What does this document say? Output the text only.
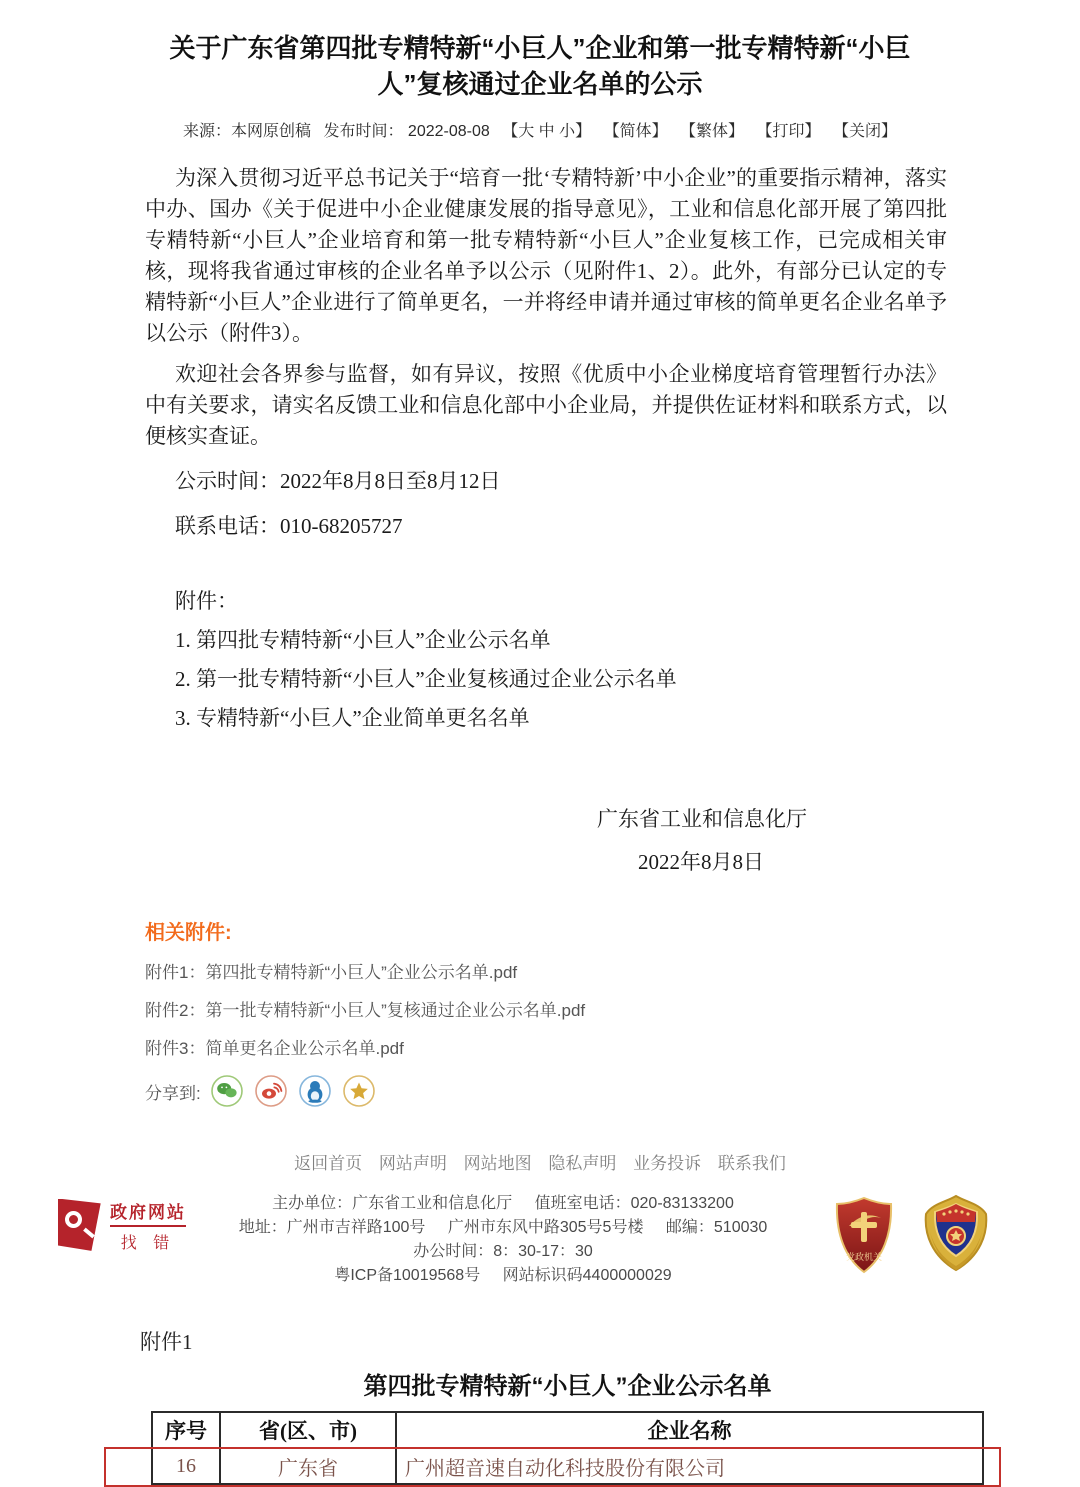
关于广东省第四批专精特新“小巨人”企业和第一批专精特新“小巨人”复核通过企业名单的公示
来源：本网原创稿 发布时间： 2022-08-08 【大 中 小】 【简体】 【繁体】 【打印】 【关闭】

为深入贯彻习近平总书记关于“培育一批‘专精特新’中小企业”的重要指示精神，落实中办、国办《关于促进中小企业健康发展的指导意见》，工业和信息化部开展了第四批专精特新“小巨人”企业培育和第一批专精特新“小巨人”企业复核工作，已完成相关审核，现将我省通过审核的企业名单予以公示（见附件1、2）。此外，有部分已认定的专精特新“小巨人”企业进行了简单更名，一并将经申请并通过审核的简单更名企业名单予以公示（附件3）。

欢迎社会各界参与监督，如有异议，按照《优质中小企业梯度培育管理暂行办法》中有关要求，请实名反馈工业和信息化部中小企业局，并提供佐证材料和联系方式，以便核实查证。

公示时间：2022年8月8日至8月12日

联系电话：010-68205727

附件：

1. 第四批专精特新“小巨人”企业公示名单

2. 第一批专精特新“小巨人”企业复核通过企业公示名单

3. 专精特新“小巨人”企业简单更名名单

广东省工业和信息化厅
2022年8月8日
相关附件:
附件1：第四批专精特新“小巨人”企业公示名单.pdf
附件2：第一批专精特新“小巨人”复核通过企业公示名单.pdf
附件3：简单更名企业公示名单.pdf
分享到:
返回首页 网站声明 网站地图 隐私声明 业务投诉 联系我们
政府网站
找 错
主办单位：广东省工业和信息化厅 值班室电话：020-83133200
地址：广州市吉祥路100号 广州市东风中路305号5号楼 邮编：510030 办公时间：8：30-17：30
粤ICP备10019568号 网站标识码4400000029
党政机关
附件1
第四批专精特新“小巨人”企业公示名单
序号	省(区、市)	企业名称
16	广东省	广州超音速自动化科技股份有限公司
